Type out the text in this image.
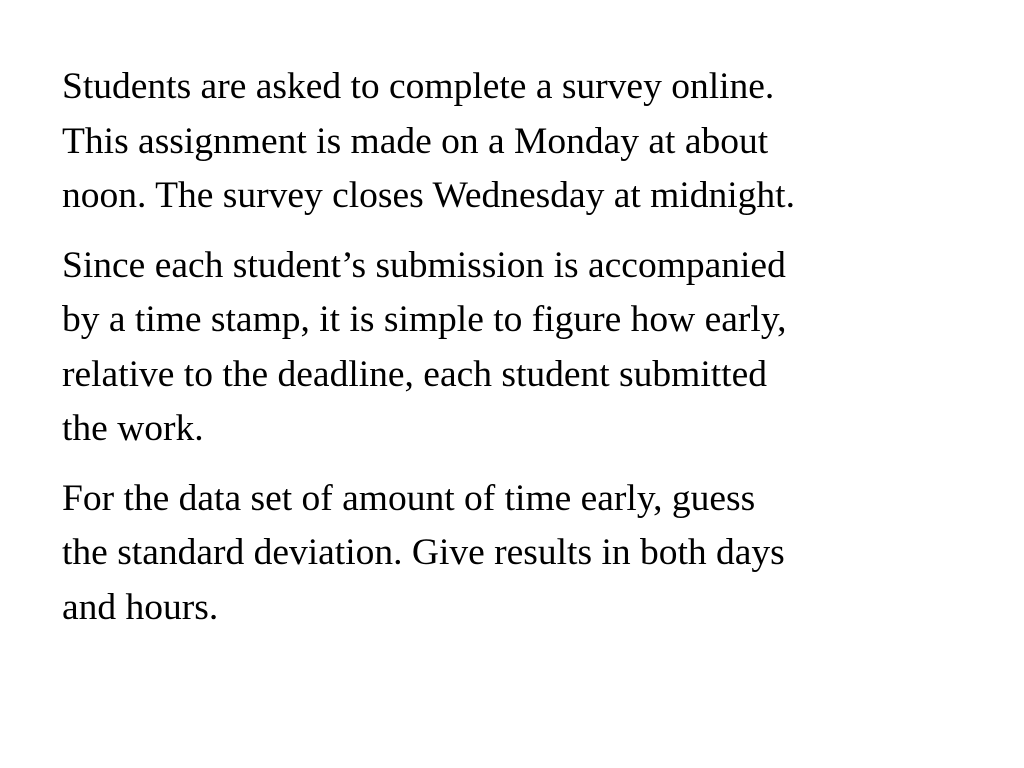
Students are asked to complete a survey online.
This assignment is made on a Monday at about
noon. The survey closes Wednesday at midnight.

Since each student’s submission is accompanied
by a time stamp, it is simple to figure how early,
relative to the deadline, each student submitted
the work.

For the data set of amount of time early, guess
the standard deviation. Give results in both days
and hours.
